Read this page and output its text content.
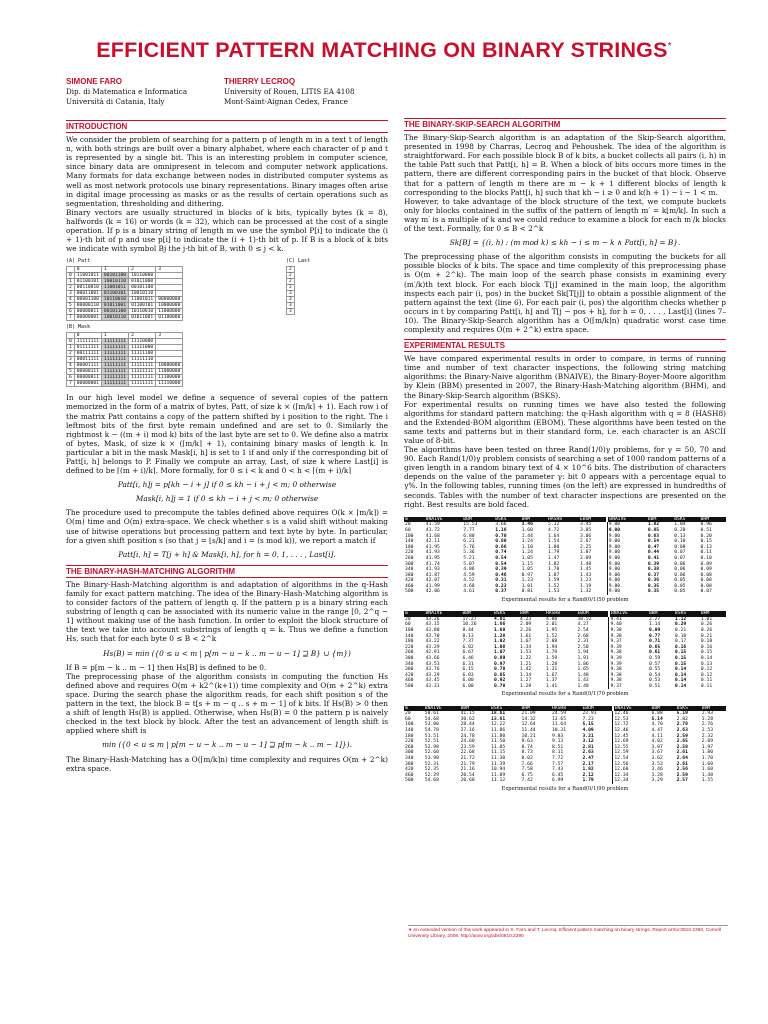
EFFICIENT PATTERN MATCHING ON BINARY STRINGS*
SIMONE FARO
Dip. di Matematica e Informatica
Università di Catania, Italy
THIERRY LECROQ
University of Rouen, LITIS EA 4108
Mont-Saint-Aignan Cedex, France
INTRODUCTION

We consider the problem of searching for a pattern p of length m in a text t of length n, with both strings are built over a binary alphabet, where each character of p and t is represented by a single bit. This is an interesting problem in computer science, since binary data are omnipresent in telecom and computer network applications. Many formats for data exchange between nodes in distributed computer systems as well as most network protocols use binary representations. Binary images often arise in digital image processing as masks or as the results of certain operations such as segmentation, thresholding and dithering.

Binary vectors are usually structured in blocks of k bits, typically bytes (k = 8), halfwords (k = 16) or words (k = 32), which can be processed at the cost of a single operation. If p is a binary string of length m we use the symbol P[i] to indicate the (i + 1)-th bit of p and use p[i] to indicate the (i + 1)-th bit of p. If B is a block of k bits we indicate with symbol Bj the j-th bit of B, with 0 ≤ j < k.

(A) Patt
	0	1	2	3
0	11001011	00101100	10110000	
1	01100101	10010110	01011000	
2	00110010	11001011	00101100	
3	00011001	01100101	10010110	
4	00001100	10110010	11001011	00000000
5	00000110	01011001	01100101	10000000
6	00000011	00101100	10110010	11000000
7	00000001	10010110	01011001	01100000
(C) Last
2
2
2
2
3
3
3
3
(B) Mask
	0	1	2	3
0	11111111	11111111	11110000	
1	01111111	11111111	11111000	
2	00111111	11111111	11111100	
3	00011111	11111111	11111110	
4	00001111	11111111	11111111	10000000
5	00000111	11111111	11111111	11000000
6	00000011	11111111	11111111	11100000
7	00000001	11111111	11111111	11110000

In our high level model we define a sequence of several copies of the pattern memorized in the form of a matrix of bytes, Patt, of size k × (⌈m/k⌉ + 1). Each row i of the matrix Patt contains a copy of the pattern shifted by i position to the right. The i leftmost bits of the first byte remain undefined and are set to 0. Similarly the rightmost k − ((m + i) mod k) bits of the last byte are set to 0. We define also a matrix of bytes, Mask, of size k × (⌈m/k⌉ + 1), containing binary masks of length k. In particular a bit in the mask Mask[i, h] is set to 1 if and only if the corresponding bit of Patt[i, h] belongs to P. Finally we compute an array, Last, of size k where Last[i] is defined to be ⌈(m + i)/k⌉. More formally, for 0 ≤ i < k and 0 < h < ⌈(m + i)/k⌉

Patt[i, h]j = p[kh − i + j] if 0 ≤ kh − i + j < m; 0 otherwise
Mask[i, h]j = 1 if 0 ≤ kh − i + j < m; 0 otherwise

The procedure used to precompute the tables defined above requires O(k × ⌈m/k⌉) = O(m) time and O(m) extra-space. We check whether s is a valid shift without making use of bitwise operations but processing pattern and text byte by byte. In particular, for a given shift position s (so that j = ⌊s/k⌋ and i = (s mod k)), we report a match if

Patt[i, h] = T[j + h] & Mask[i, h], for h = 0, 1, . . . , Last[i].
THE BINARY-HASH-MATCHING ALGORITHM

The Binary-Hash-Matching algorithm is and adaptation of algorithms in the q-Hash family for exact pattern matching. The idea of the Binary-Hash-Matching algorithm is to consider factors of the pattern of length q. If the pattern p is a binary string each substring of length q can be associated with its numeric value in the range [0, 2^q − 1] without making use of the hash function. In order to exploit the block structure of the text we take into account substrings of length q = k. Thus we define a function Hs, such that for each byte 0 ≤ B < 2^k

Hs(B) = min ({0 ≤ u < m | p[m − u − k .. m − u − 1] ⊒ B} ∪ {m})

If B = p[m − k .. m − 1] then Hs[B] is defined to be 0.

The preprocessing phase of the algorithm consists in computing the function Hs defined above and requires O(m + k2^(k+1)) time complexity and O(m + 2^k) extra space. During the search phase the algorithm reads, for each shift position s of the pattern in the text, the block B = t[s + m − q .. s + m − 1] of k bits. If Hs(B) > 0 then a shift of length Hs(B) is applied. Otherwise, when Hs(B) = 0 the pattern p is naively checked in the text block by block. After the test an advancement of length shift is applied where shift is

min ({0 < u ≤ m | p[m − u − k .. m − u − 1] ⊒ p[m − k .. m − 1]}).

The Binary-Hash-Matching has a O(⌈m/k⌉n) time complexity and requires O(m + 2^k) extra space.

THE BINARY-SKIP-SEARCH ALGORITHM

The Binary-Skip-Search algorithm is an adaptation of the Skip-Search algorithm, presented in 1998 by Charras, Lecroq and Pehoushek. The idea of the algorithm is straightforward. For each possible block B of k bits, a bucket collects all pairs (i, h) in the table Patt such that Patt[i, h] = B. When a block of bits occurs more times in the pattern, there are different corresponding pairs in the bucket of that block. Observe that for a pattern of length m there are m − k + 1 different blocks of length k corresponding to the blocks Patt[i, h] such that kh − i ≥ 0 and k(h + 1) − i − 1 < m.

However, to take advantage of the block structure of the text, we compute buckets only for blocks contained in the suffix of the pattern of length m′ = k⌊m/k⌋. In such a way m′ is a multiple of k and we could reduce to examine a block for each m′/k blocks of the text. Formally, for 0 ≤ B < 2^k

Sk[B] = {(i, h) : (m mod k) ≤ kh − i ≤ m − k ∧ Patt[i, h] = B}.

The preprocessing phase of the algorithm consists in computing the buckets for all possible blocks of k bits. The space and time complexity of this preprocessing phase is O(m + 2^k). The main loop of the search phase consists in examining every (m′/k)th text block. For each block T[j] examined in the main loop, the algorithm inspects each pair (i, pos) in the bucket Sk[T[j]] to obtain a possible alignment of the pattern against the text (line 6). For each pair (i, pos) the algorithm checks whether p occurs in t by comparing Patt[i, h] and T[j − pos + h], for h = 0, . . . , Last[i] (lines 7–10). The Binary-Skip-Search algorithm has a O(⌈m/k⌉n) quadratic worst case time complexity and requires O(m + 2^k) extra space.

EXPERIMENTAL RESULTS

We have compared experimental results in order to compare, in terms of running time and number of text character inspections, the following string matching algorithms: the Binary-Naive algorithm (BNAIVE), the Binary-Boyer-Moore algorithm by Klein (BBM) presented in 2007, the Binary-Hash-Matching algorithm (BHM), and the Binary-Skip-Search algorithm (BSKS).

For experimental results on running times we have also tested the following algorithms for standard pattern matching: the q-Hash algorithm with q = 8 (HASH8) and the Extended-BOM algorithm (EBOM). These algorithms have been tested on the same texts and patterns but in their standard form, i.e. each character is an ASCII value of 8-bit.

The algorithms have been tested on three Rand(1/0)γ problems, for γ = 50, 70 and 90. Each Rand(1/0)γ problem consists of searching a set of 1000 random patterns of a given length in a random binary text of 4 × 10^6 bits. The distribution of characters depends on the value of the parameter γ: bit 0 appears with a percentage equal to γ%. In the following tables, running times (on the left) are expressed in hundredths of seconds. Tables with the number of text character inspections are presented on the right. Best results are bold faced.

m	BNAIVE	BBM	BSKS	BHM	HASH8	EBOM	BNAIVE	BBM	BSKS	BHM
20	41.59	15.53	3.66	3.46	5.12	3.45	9.00	1.82	1.04	0.96
60	41.72	7.77	1.16	1.60	4.72	3.85	9.00	0.85	0.20	0.51
100	41.68	6.80	0.70	1.44	1.64	3.06	9.00	0.63	0.13	0.20
140	42.11	6.21	0.80	1.24	1.54	2.67	9.00	0.54	0.10	0.15
180	41.95	5.76	0.66	1.10	1.80	2.25	9.00	0.47	0.08	0.13
220	41.93	5.36	0.74	1.24	1.79	1.87	9.00	0.44	0.07	0.11
260	41.95	5.21	0.54	1.05	1.47	2.09	9.00	0.41	0.07	0.10
300	41.74	5.07	0.54	1.15	1.82	1.48	9.00	0.39	0.06	0.09
340	41.93	4.86	0.39	1.05	1.70	1.45	9.00	0.38	0.06	0.09
380	41.87	4.59	0.46	0.97	1.87	1.43	9.00	0.37	0.06	0.08
420	42.07	4.52	0.31	1.23	1.59	1.23	9.00	0.36	0.05	0.08
460	41.99	4.68	0.23	1.01	1.52	1.19	9.00	0.35	0.05	0.08
500	42.06	4.61	0.37	0.81	1.53	1.32	9.00	0.35	0.05	0.07
Experimental results for a Rand(0/1)50 problem
m	BNAIVE	BBM	BSKS	BHM	HASH8	EBOM	BNAIVE	BBM	BSKS	BHM
20	43.26	17.27	4.01	4.23	4.80	10.52	9.41	2.27	1.12	1.01
60	43.15	10.26	1.66	2.09	2.01	4.27	9.40	1.14	0.29	0.26
100	43.80	8.44	1.60	2.26	1.95	2.54	9.38	0.89	0.21	0.26
140	43.70	8.13	1.28	1.61	1.52	2.68	9.38	0.77	0.18	0.21
180	43.22	7.37	1.02	1.67	2.08	2.31	9.37	0.71	0.17	0.18
220	43.29	6.82	1.08	1.34	1.94	2.50	9.39	0.65	0.16	0.16
260	42.91	6.67	1.07	1.53	1.79	1.94	9.38	0.61	0.15	0.15
300	43.66	6.46	0.89	1.22	1.59	1.91	9.39	0.59	0.15	0.14
340	43.53	6.31	0.97	1.21	1.28	1.86	9.39	0.57	0.15	0.13
380	43.76	6.15	0.70	1.42	1.31	1.65	9.38	0.55	0.14	0.12
420	43.29	6.03	0.85	1.34	1.67	1.48	9.38	0.54	0.14	0.12
460	43.45	6.00	0.92	1.27	1.37	1.43	9.38	0.53	0.14	0.11
500	43.31	6.00	0.70	1.28	1.41	1.48	9.37	0.51	0.14	0.11
Experimental results for a Rand(0/1)70 problem
m	BNAIVE	BBM	BSKS	BHM	HASH8	EBOM	BNAIVE	BBM	BSKS	BHM
20	50.61	41.15	18.61	21.09	24.59	23.91	12.46	6.88	5.19	2.93
60	54.68	30.62	13.61	14.32	13.65	7.23	12.53	5.14	2.82	3.28
100	53.00	28.44	12.22	12.64	11.64	5.15	12.72	4.70	2.78	2.76
140	54.78	27.16	11.86	11.44	10.31	4.09	12.46	4.47	2.63	2.53
180	51.51	24.78	11.80	10.21	9.83	3.21	12.45	4.11	2.59	2.32
220	52.51	24.60	11.50	9.63	9.13	3.12	12.69	4.02	2.65	2.09
260	52.98	23.59	11.85	8.74	8.51	2.81	12.55	3.87	2.58	1.97
300	52.60	22.68	11.15	8.73	8.11	2.63	12.59	3.67	2.61	1.80
340	51.98	21.72	11.30	8.02	7.72	2.47	12.54	3.62	2.64	1.70
380	52.31	21.79	11.39	7.66	7.57	2.17	12.56	3.53	2.61	1.60
420	52.35	21.16	10.94	7.58	7.43	1.82	12.60	3.46	2.56	1.60
460	52.29	20.54	11.09	6.75	6.45	2.12	12.34	3.28	2.59	1.48
500	54.68	20.68	11.12	7.42	6.99	1.79	12.34	3.29	2.57	1.55
Experimental results for a Rand(0/1)90 problem
∗ An extended version of this work appeared in S. Faro and T. Lecroq. Efficient pattern matching on binary strings. Report arXiv:0810.2390, Cornell University Library, 2008. http://arxiv.org/abs/0810.2390
